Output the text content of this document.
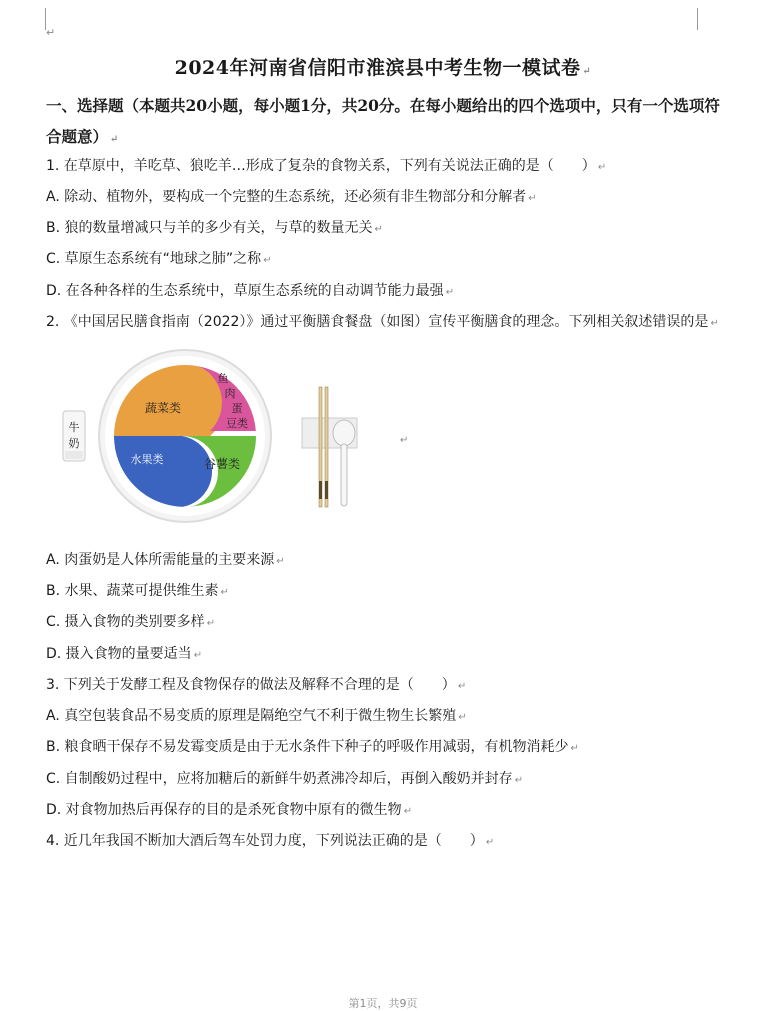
↵
2024年河南省信阳市淮滨县中考生物一模试卷 ↵
一、选择题（本题共20小题，每小题1分，共20分。在每小题给出的四个选项中，只有一个选项符合题意） ↵
1. 在草原中，羊吃草、狼吃羊…形成了复杂的食物关系，下列有关说法正确的是（　　） ↵
A. 除动、植物外，要构成一个完整的生态系统，还必须有非生物部分和分解者 ↵
B. 狼的数量增减只与羊的多少有关，与草的数量无关 ↵
C. 草原生态系统有“地球之肺”之称 ↵
D. 在各种各样的生态系统中，草原生态系统的自动调节能力最强 ↵
2. 《中国居民膳食指南（2022）》通过平衡膳食餐盘（如图）宣传平衡膳食的理念。下列相关叙述错误的是 ↵
牛
奶
蔬菜类
水果类	谷薯类
鱼
肉
蛋
豆类
↵
A. 肉蛋奶是人体所需能量的主要来源 ↵
B. 水果、蔬菜可提供维生素 ↵
C. 摄入食物的类别要多样 ↵
D. 摄入食物的量要适当 ↵
3. 下列关于发酵工程及食物保存的做法及解释不合理的是（　　） ↵
A. 真空包装食品不易变质的原理是隔绝空气不利于微生物生长繁殖 ↵
B. 粮食晒干保存不易发霉变质是由于无水条件下种子的呼吸作用减弱，有机物消耗少 ↵
C. 自制酸奶过程中，应将加糖后的新鲜牛奶煮沸冷却后，再倒入酸奶并封存 ↵
D. 对食物加热后再保存的目的是杀死食物中原有的微生物 ↵
4. 近几年我国不断加大酒后驾车处罚力度，下列说法正确的是（　　） ↵
第1页，共9页
